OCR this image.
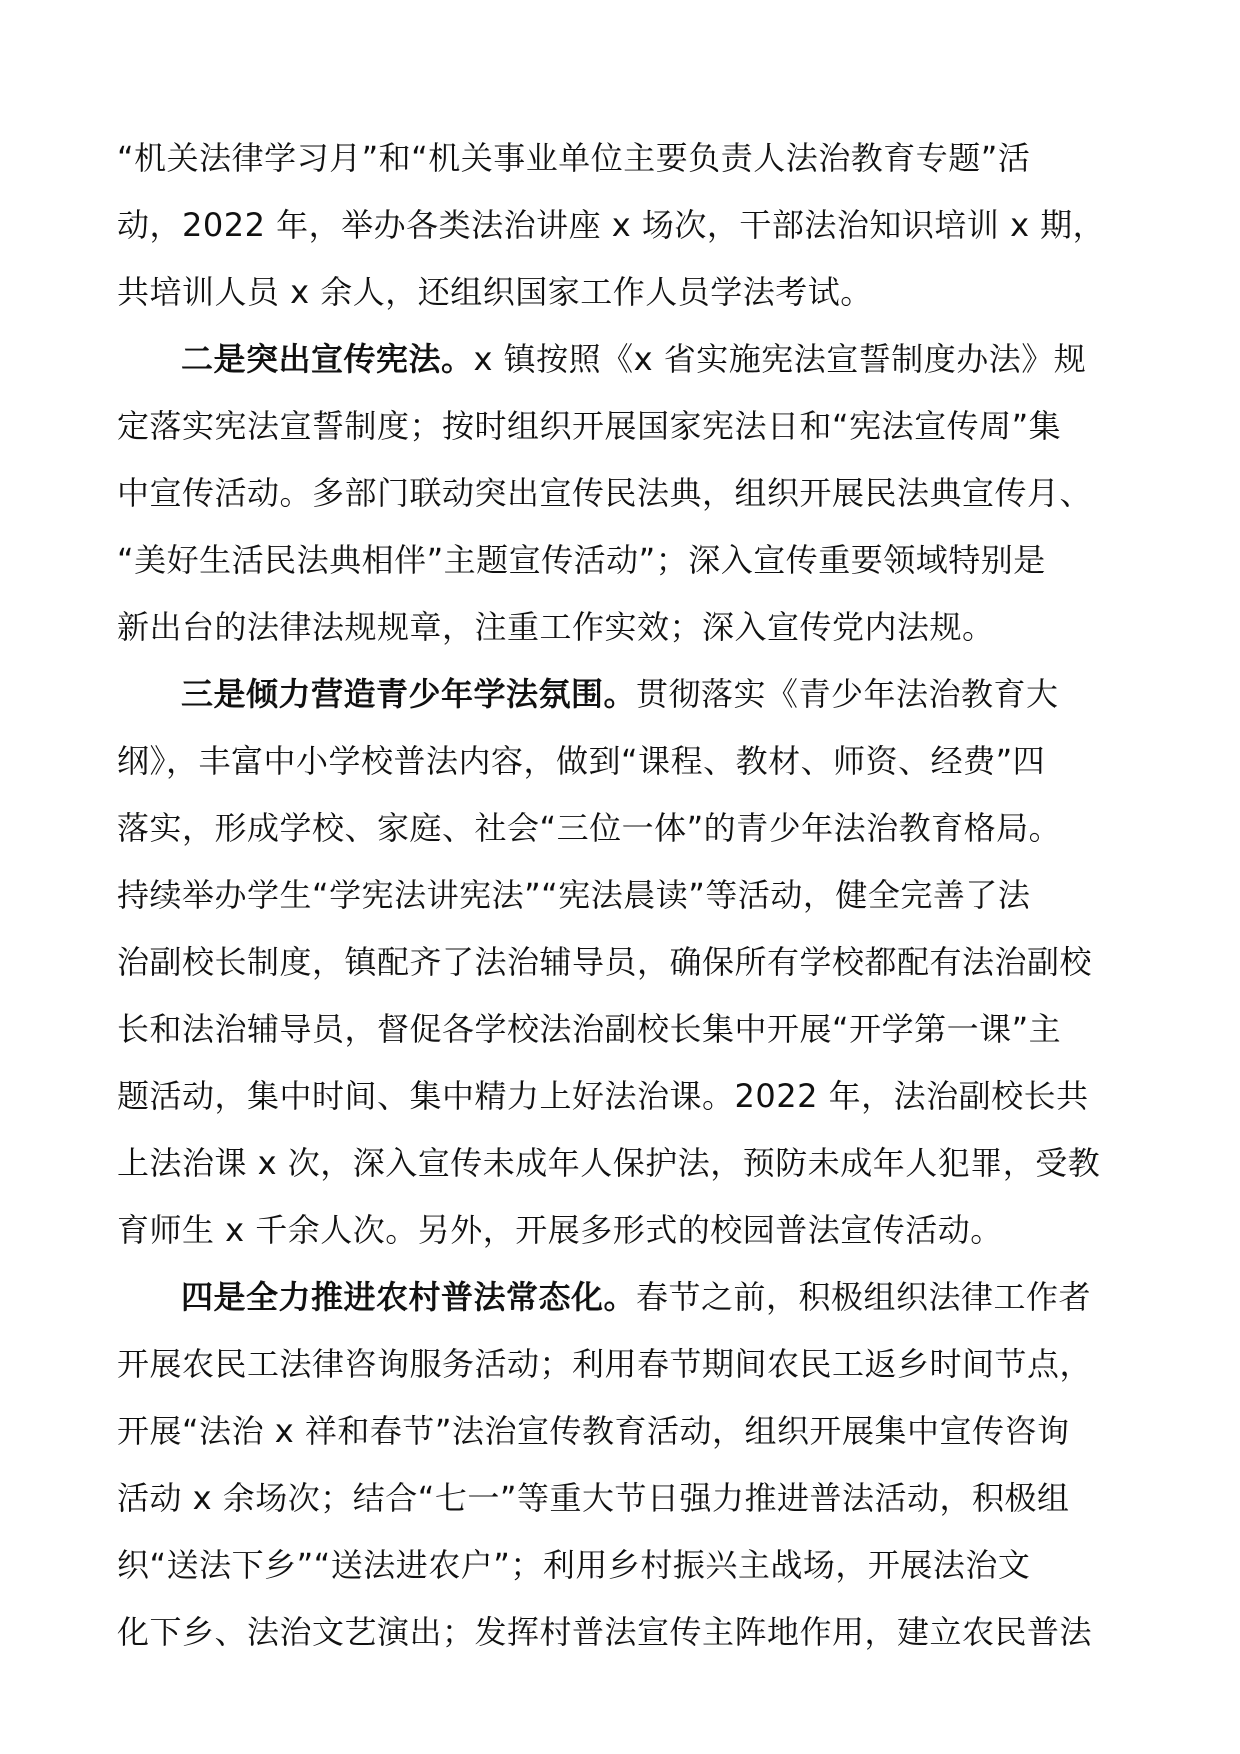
“机关法律学习月”和“机关事业单位主要负责人法治教育专题”活
动，2022 年，举办各类法治讲座 x 场次，干部法治知识培训 x 期，
共培训人员 x 余人，还组织国家工作人员学法考试。
二是突出宣传宪法。x 镇按照《x 省实施宪法宣誓制度办法》规
定落实宪法宣誓制度；按时组织开展国家宪法日和“宪法宣传周”集
中宣传活动。多部门联动突出宣传民法典，组织开展民法典宣传月、
“美好生活民法典相伴”主题宣传活动”；深入宣传重要领域特别是
新出台的法律法规规章，注重工作实效；深入宣传党内法规。
三是倾力营造青少年学法氛围。贯彻落实《青少年法治教育大
纲》，丰富中小学校普法内容，做到“课程、教材、师资、经费”四
落实，形成学校、家庭、社会“三位一体”的青少年法治教育格局。
持续举办学生“学宪法讲宪法”“宪法晨读”等活动，健全完善了法
治副校长制度，镇配齐了法治辅导员，确保所有学校都配有法治副校
长和法治辅导员，督促各学校法治副校长集中开展“开学第一课”主
题活动，集中时间、集中精力上好法治课。2022 年，法治副校长共
上法治课 x 次，深入宣传未成年人保护法，预防未成年人犯罪，受教
育师生 x 千余人次。另外，开展多形式的校园普法宣传活动。
四是全力推进农村普法常态化。春节之前，积极组织法律工作者
开展农民工法律咨询服务活动；利用春节期间农民工返乡时间节点，
开展“法治 x 祥和春节”法治宣传教育活动，组织开展集中宣传咨询
活动 x 余场次；结合“七一”等重大节日强力推进普法活动，积极组
织“送法下乡”“送法进农户”；利用乡村振兴主战场，开展法治文
化下乡、法治文艺演出；发挥村普法宣传主阵地作用，建立农民普法
